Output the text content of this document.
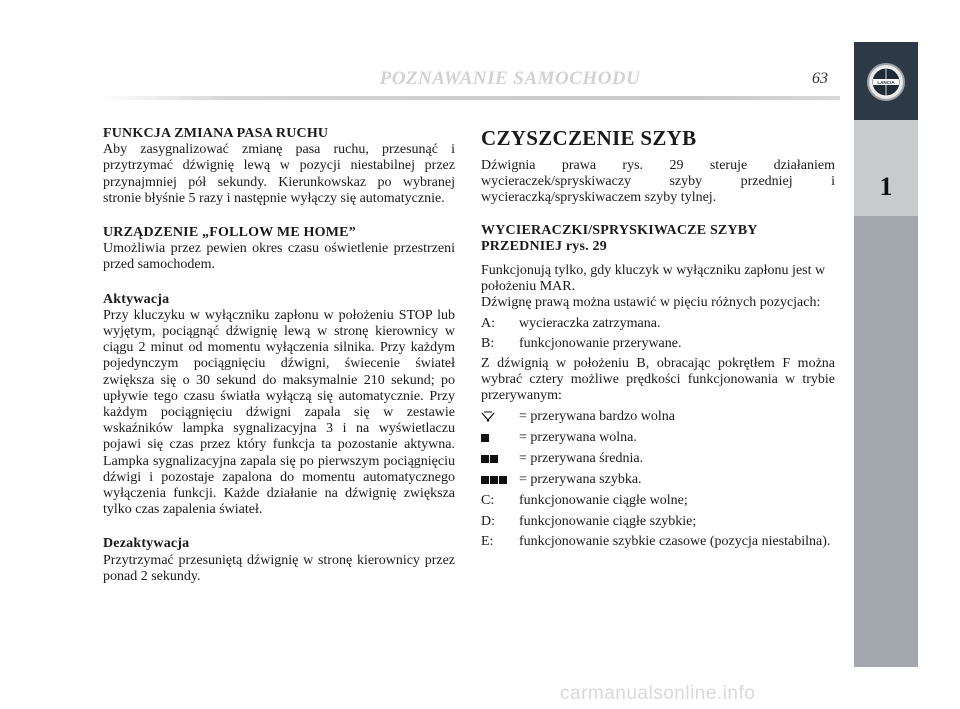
POZNAWANIE SAMOCHODU	63	LANCIA
1
FUNKCJA ZMIANA PASA RUCHU

Aby zasygnalizować zmianę pasa ruchu, przesunąć i przytrzymać dźwignię lewą w pozycji niestabilnej przez przynajmniej pół sekundy. Kierunkowskaz po wybranej stronie błyśnie 5 razy i następnie wyłączy się automatycznie.

URZĄDZENIE „FOLLOW ME HOME”

Umożliwia przez pewien okres czasu oświetlenie przestrzeni przed samochodem.

Aktywacja

Przy kluczyku w wyłączniku zapłonu w położeniu STOP lub wyjętym, pociągnąć dźwignię lewą w stronę kierownicy w ciągu 2 minut od momentu wyłączenia silnika. Przy każdym pojedynczym pociągnięciu dźwigni, świecenie świateł zwiększa się o 30 sekund do maksymalnie 210 sekund; po upływie tego czasu światła wyłączą się automatycznie. Przy każdym pociągnięciu dźwigni zapala się w zestawie wskaźników lampka sygnalizacyjna 3 i na wyświetlaczu pojawi się czas przez który funkcja ta pozostanie aktywna. Lampka sygnalizacyjna zapala się po pierwszym pociągnięciu dźwigi i pozostaje zapalona do momentu automatycznego wyłączenia funkcji. Każde działanie na dźwignię zwiększa tylko czas zapalenia świateł.

Dezaktywacja

Przytrzymać przesuniętą dźwignię w stronę kierownicy przez ponad 2 sekundy.

CZYSZCZENIE SZYB

Dźwignia prawa rys. 29 steruje działaniem wycieraczek/spryskiwaczy szyby przedniej i wycieraczką/spryskiwaczem szyby tylnej.

WYCIERACZKI/SPRYSKIWACZE SZYBY PRZEDNIEJ rys. 29

Funkcjonują tylko, gdy kluczyk w wyłączniku zapłonu jest w położeniu MAR.

Dźwignę prawą można ustawić w pięciu różnych pozycjach:

A:	wycieraczka zatrzymana.
B:	funkcjonowanie przerywane.

Z dźwignią w położeniu B, obracając pokrętłem F można wybrać cztery możliwe prędkości funkcjonowania w trybie przerywanym:

= przerywana bardzo wolna
= przerywana wolna.
= przerywana średnia.
= przerywana szybka.
C:	funkcjonowanie ciągłe wolne;
D:	funkcjonowanie ciągłe szybkie;
E:	funkcjonowanie szybkie czasowe (pozycja niestabilna).
carmanualsonline.info
